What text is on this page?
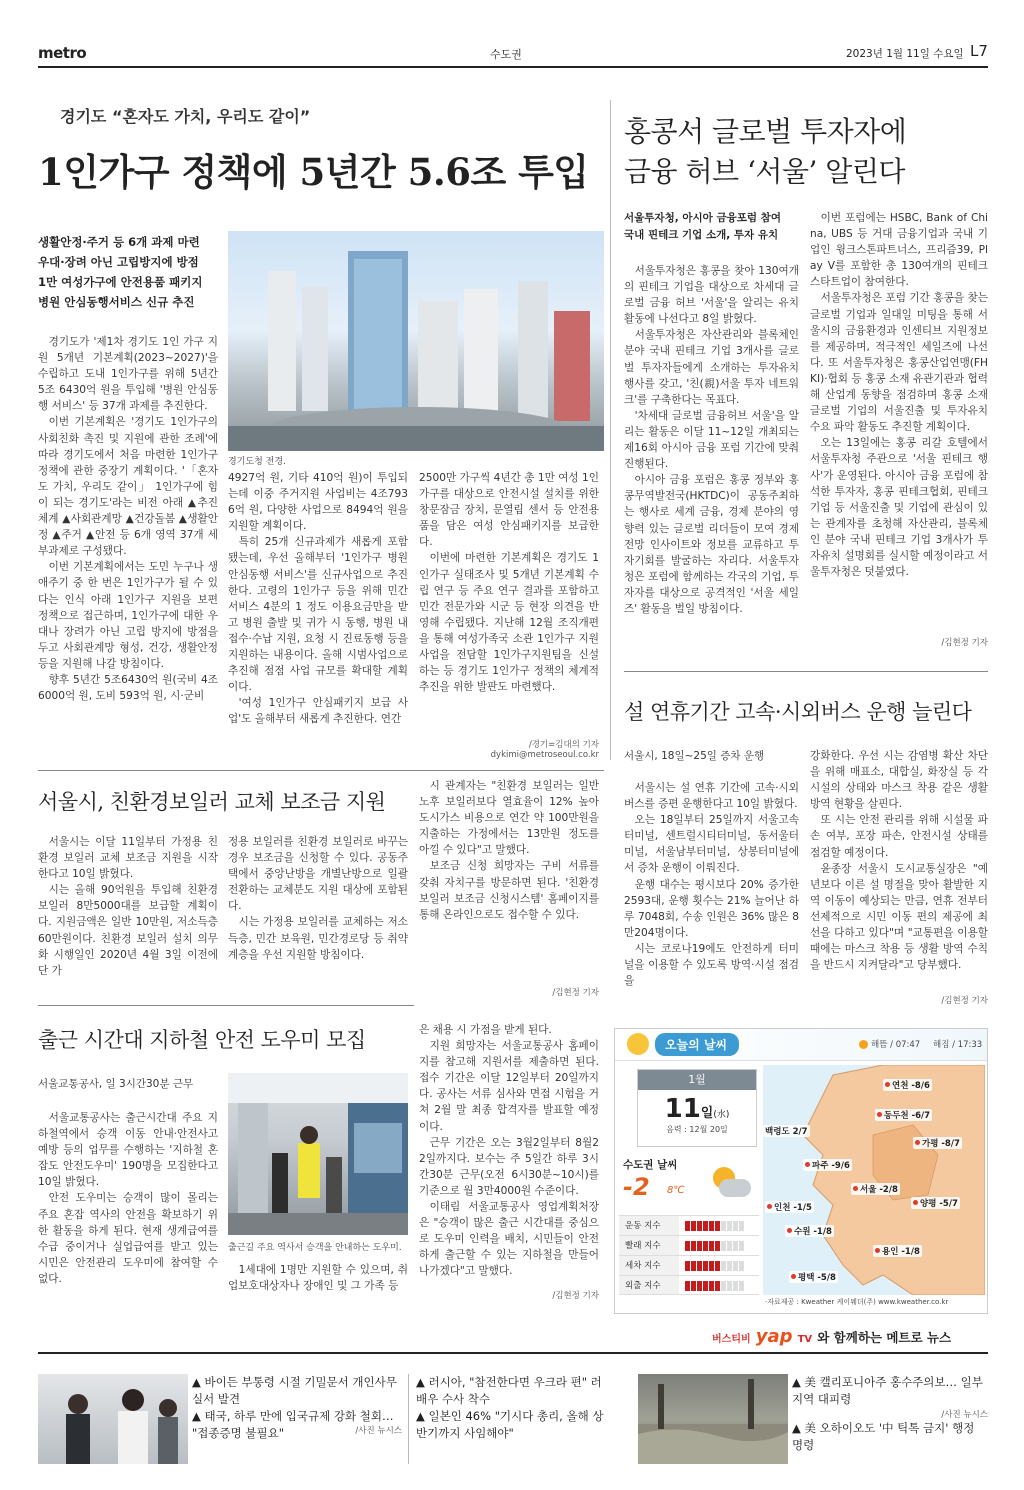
metro	수도권	2023년 1월 11일 수요일 L7
경기도 “혼자도 가치, 우리도 같이”
1인가구 정책에 5년간 5.6조 투입
생활안정·주거 등 6개 과제 마련
우대·장려 아닌 고립방지에 방점
1만 여성가구에 안전용품 패키지
병원 안심동행서비스 신규 추진
경기도청 전경.

경기도가 '제1차 경기도 1인 가구 지원 5개년 기본계획(2023~2027)'을 수립하고 도내 1인가구를 위해 5년간 5조 6430억 원을 투입해 '병원 안심동행 서비스' 등 37개 과제를 추진한다.

이번 기본계획은 '경기도 1인가구의 사회친화 촉진 및 지원에 관한 조례'에 따라 경기도에서 처음 마련한 1인가구 정책에 관한 중장기 계획이다. '「혼자도 가치, 우리도 같이」 1인가구에 힘이 되는 경기도'라는 비전 아래 ▲추진 체계 ▲사회관계망 ▲건강돌봄 ▲생활안정 ▲주거 ▲안전 등 6개 영역 37개 세부과제로 구성됐다.

이번 기본계획에서는 도민 누구나 생애주기 중 한 번은 1인가구가 될 수 있다는 인식 아래 1인가구 지원을 보편 정책으로 접근하며, 1인가구에 대한 우대나 장려가 아닌 고립 방지에 방점을 두고 사회관계망 형성, 건강, 생활안정 등을 지원해 나갈 방침이다.

향후 5년간 5조6430억 원(국비 4조 6000억 원, 도비 593억 원, 시·군비

4927억 원, 기타 410억 원)이 투입되는데 이중 주거지원 사업비는 4조7936억 원, 다양한 사업으로 8494억 원을 지원할 계획이다.

특히 25개 신규과제가 새롭게 포함됐는데, 우선 올해부터 '1인가구 병원 안심동행 서비스'를 신규사업으로 추진한다. 고령의 1인가구 등을 위해 민간서비스 4분의 1 정도 이용요금만을 받고 병원 출발 및 귀가 시 동행, 병원 내 접수·수납 지원, 요청 시 진료동행 등을 지원하는 내용이다. 올해 시범사업으로 추진해 점점 사업 규모를 확대할 계획이다.

'여성 1인가구 안심패키지 보급 사업'도 올해부터 새롭게 추진한다. 연간

2500만 가구씩 4년간 총 1만 여성 1인가구를 대상으로 안전시설 설치를 위한 창문잠금 장치, 문열림 센서 등 안전용품을 담은 여성 안심패키지를 보급한다.

이번에 마련한 기본계획은 경기도 1인가구 실태조사 및 5개년 기본계획 수립 연구 등 주요 연구 결과를 포함하고 민간 전문가와 시군 등 현장 의견을 반영해 수립됐다. 지난해 12월 조직개편을 통해 여성가족국 소관 1인가구 지원사업을 전담할 1인가구지원팀을 신설하는 등 경기도 1인가구 정책의 체계적 추진을 위한 발판도 마련했다.

/경기=김대의 기자 dykimi@metroseoul.co.kr
홍콩서 글로벌 투자자에
금융 허브 ‘서울’ 알린다
서울투자청, 아시아 금융포럼 참여
국내 핀테크 기업 소개, 투자 유치

서울투자청은 홍콩을 찾아 130여개의 핀테크 기업을 대상으로 차세대 글로벌 금융 허브 '서울'을 알리는 유치활동에 나선다고 8일 밝혔다.

서울투자청은 자산관리와 블록체인 분야 국내 핀테크 기업 3개사를 글로벌 투자자들에게 소개하는 투자유치 행사를 갖고, '친(親)서울 투자 네트워크'를 구축한다는 목표다.

'차세대 글로벌 금융허브 서울'을 알리는 활동은 이달 11~12일 개최되는 제16회 아시아 금융 포럼 기간에 맞춰 진행된다.

아시아 금융 포럼은 홍콩 정부와 홍콩무역발전국(HKTDC)이 공동주최하는 행사로 세계 금융, 경제 분야의 영향력 있는 글로벌 리더들이 모여 경제전망 인사이트와 정보를 교류하고 투자기회를 발굴하는 자리다. 서울투자청은 포럼에 함께하는 각국의 기업, 투자자를 대상으로 공격적인 '서울 세일즈' 활동을 벌일 방침이다.

이번 포럼에는 HSBC, Bank of China, UBS 등 거대 금융기업과 국내 기업인 윙크스톤파트너스, 프리즘39, Play V를 포함한 총 130여개의 핀테크 스타트업이 참여한다.

서울투자청은 포럼 기간 홍콩을 찾는 글로벌 기업과 일대일 미팅을 통해 서울시의 금융환경과 인센티브 지원정보를 제공하며, 적극적인 세일즈에 나선다. 또 서울투자청은 홍콩산업연맹(FHKI)·협회 등 홍콩 소재 유관기관과 협력해 산업계 동향을 점검하며 홍콩 소재 글로벌 기업의 서울진출 및 투자유치 수요 파악 활동도 추진할 계획이다.

오는 13일에는 홍콩 리갈 호텔에서 서울투자청 주관으로 '서울 핀테크 행사'가 운영된다. 아시아 금융 포럼에 참석한 투자자, 홍콩 핀테크협회, 핀테크 기업 등 서울진출 및 기업에 관심이 있는 관계자를 초청해 자산관리, 블록체인 분야 국내 핀테크 기업 3개사가 투자유치 설명회를 실시할 예정이라고 서울투자청은 덧붙였다.

/김현정 기자
설 연휴기간 고속·시외버스 운행 늘린다
서울시, 18일~25일 증차 운행

서울시는 설 연휴 기간에 고속·시외버스를 증편 운행한다고 10일 밝혔다.

오는 18일부터 25일까지 서울고속터미널, 센트럴시티터미널, 동서울터미널, 서울남부터미널, 상봉터미널에서 증차 운행이 이뤄진다.

운행 대수는 평시보다 20% 증가한 2593대, 운행 횟수는 21% 늘어난 하루 7048회, 수송 인원은 36% 많은 8만204명이다.

시는 코로나19에도 안전하게 터미널을 이용할 수 있도록 방역·시설 점검을

강화한다. 우선 시는 감염병 확산 차단을 위해 매표소, 대합실, 화장실 등 각 시설의 상태와 마스크 착용 같은 생활 방역 현황을 살핀다.

또 시는 안전 관리를 위해 시설물 파손 여부, 포장 파손, 안전시설 상태를 점검할 예정이다.

윤종장 서울시 도시교통실장은 "예년보다 이른 설 명절을 맞아 활발한 지역 이동이 예상되는 만큼, 연휴 전부터 선제적으로 시민 이동 편의 제공에 최선을 다하고 있다"며 "교통편을 이용할 때에는 마스크 착용 등 생활 방역 수칙을 반드시 지켜달라"고 당부했다.

/김현정 기자
서울시, 친환경보일러 교체 보조금 지원

서울시는 이달 11일부터 가정용 친환경 보일러 교체 보조금 지원을 시작한다고 10일 밝혔다.

시는 올해 90억원을 투입해 친환경 보일러 8만5000대를 보급할 계획이다. 지원금액은 일반 10만원, 저소득층 60만원이다. 친환경 보일러 설치 의무화 시행일인 2020년 4월 3일 이전에 단 가

정용 보일러를 친환경 보일러로 바꾸는 경우 보조금을 신청할 수 있다. 공동주택에서 중앙난방을 개별난방으로 일괄 전환하는 교체분도 지원 대상에 포함된다.

시는 가정용 보일러를 교체하는 저소득층, 민간 보육원, 민간경로당 등 취약계층을 우선 지원할 방침이다.

시 관계자는 "친환경 보일러는 일반 노후 보일러보다 열효율이 12% 높아 도시가스 비용으로 연간 약 100만원을 지출하는 가정에서는 13만원 정도를 아낄 수 있다"고 말했다.

보조금 신청 희망자는 구비 서류를 갖춰 자치구를 방문하면 된다. '친환경 보일러 보조금 신청시스템' 홈페이지를 통해 온라인으로도 접수할 수 있다.

/김현정 기자
출근 시간대 지하철 안전 도우미 모집
서울교통공사, 일 3시간30분 근무

서울교통공사는 출근시간대 주요 지하철역에서 승객 이동 안내·안전사고 예방 등의 업무를 수행하는 '지하철 혼잡도 안전도우미' 190명을 모집한다고 10일 밝혔다.

안전 도우미는 승객이 많이 몰리는 주요 혼잡 역사의 안전을 확보하기 위한 활동을 하게 된다. 현재 생계급여를 수급 중이거나 실업급여를 받고 있는 시민은 안전관리 도우미에 참여할 수 없다.

출근길 주요 역사서 승객을 안내하는 도우미.

1세대에 1명만 지원할 수 있으며, 취업보호대상자나 장애인 및 그 가족 등

은 채용 시 가점을 받게 된다.

지원 희망자는 서울교통공사 홈페이지를 참고해 지원서를 제출하면 된다. 접수 기간은 이달 12일부터 20일까지다. 공사는 서류 심사와 면접 시험을 거쳐 2월 말 최종 합격자를 발표할 예정이다.

근무 기간은 오는 3월2일부터 8월22일까지다. 보수는 주 5일간 하루 3시간30분 근무(오전 6시30분~10시)를 기준으로 월 3만4000원 수준이다.

이태림 서울교통공사 영업계획처장은 "승객이 많은 출근 시간대를 중심으로 도우미 인력을 배치, 시민들이 안전하게 출근할 수 있는 지하철을 만들어 나가겠다"고 말했다.

/김현정 기자
오늘의 날씨	해뜸 / 07:47 해짐 / 17:33
1월
11일(水)
음력 : 12월 20일
수도권 날씨
-2 8℃
운동 지수
빨래 지수
세차 지수
외출 지수
연천 -8/6
동두천 -6/7
가평 -8/7
백령도 2/7
파주 -9/6
서울 -2/8
양평 -5/7
인천 -1/5
수원 -1/8
용인 -1/8
평택 -5/8
·자료제공 : Kweather 케이웨더(주) www.kweather.co.kr
버스티비 yap TV 와 함께하는 메트로 뉴스
▲ 바이든 부통령 시절 기밀문서 개인사무실서 발견
▲ 태국, 하루 만에 입국규제 강화 철회… "접종증명 불필요"	/사진 뉴시스
▲ 러시아, "참전한다면 우크라 편" 러 배우 수사 착수
▲ 일본인 46% "기시다 총리, 올해 상반기까지 사임해야"
▲ 美 캘리포니아주 홍수주의보… 일부 지역 대피령
/사진 뉴시스
▲ 美 오하이오도 '中 틱톡 금지' 행정 명령
